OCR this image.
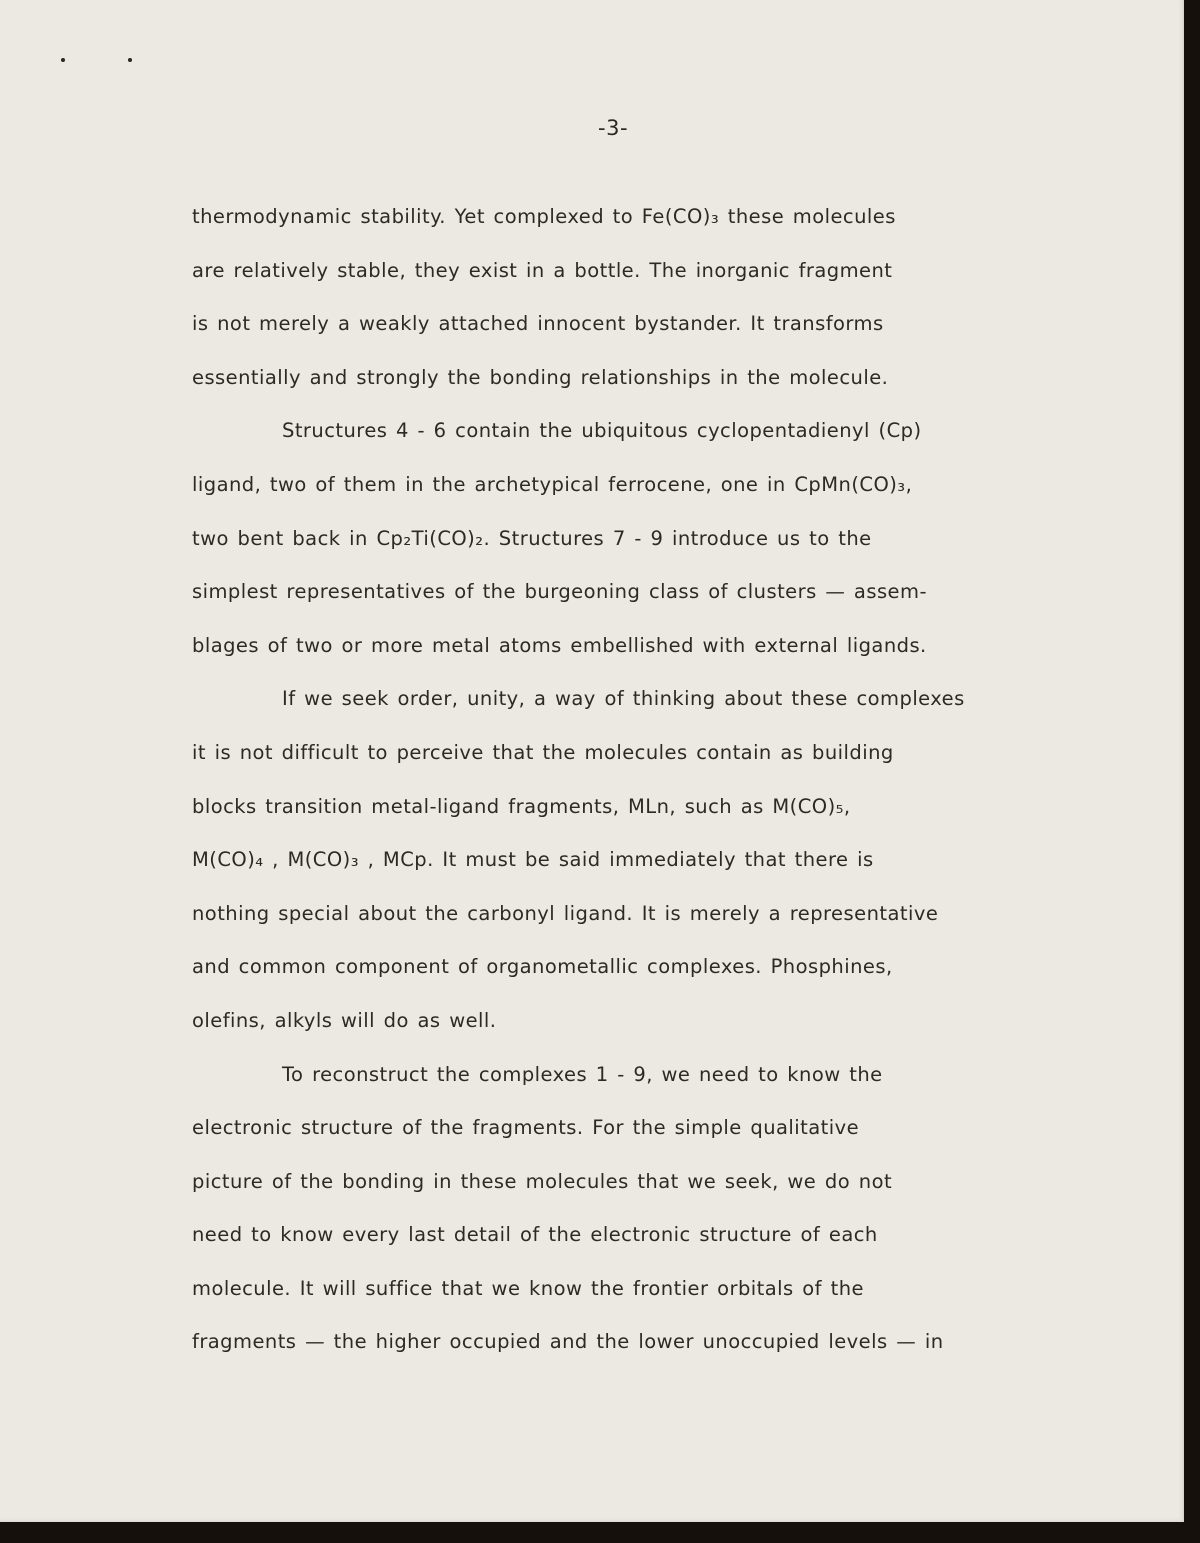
-3-

thermodynamic stability. Yet complexed to Fe(CO)₃ these molecules
are relatively stable, they exist in a bottle. The inorganic fragment
is not merely a weakly attached innocent bystander. It transforms
essentially and strongly the bonding relationships in the molecule.
Structures 4 - 6 contain the ubiquitous cyclopentadienyl (Cp)
ligand, two of them in the archetypical ferrocene, one in CpMn(CO)₃,
two bent back in Cp₂Ti(CO)₂. Structures 7 - 9 introduce us to the
simplest representatives of the burgeoning class of clusters — assem-
blages of two or more metal atoms embellished with external ligands.
If we seek order, unity, a way of thinking about these complexes
it is not difficult to perceive that the molecules contain as building
blocks transition metal-ligand fragments, MLn, such as M(CO)₅,
M(CO)₄ , M(CO)₃ , MCp. It must be said immediately that there is
nothing special about the carbonyl ligand. It is merely a representative
and common component of organometallic complexes. Phosphines,
olefins, alkyls will do as well.
To reconstruct the complexes 1 - 9, we need to know the
electronic structure of the fragments. For the simple qualitative
picture of the bonding in these molecules that we seek, we do not
need to know every last detail of the electronic structure of each
molecule. It will suffice that we know the frontier orbitals of the
fragments — the higher occupied and the lower unoccupied levels — in
